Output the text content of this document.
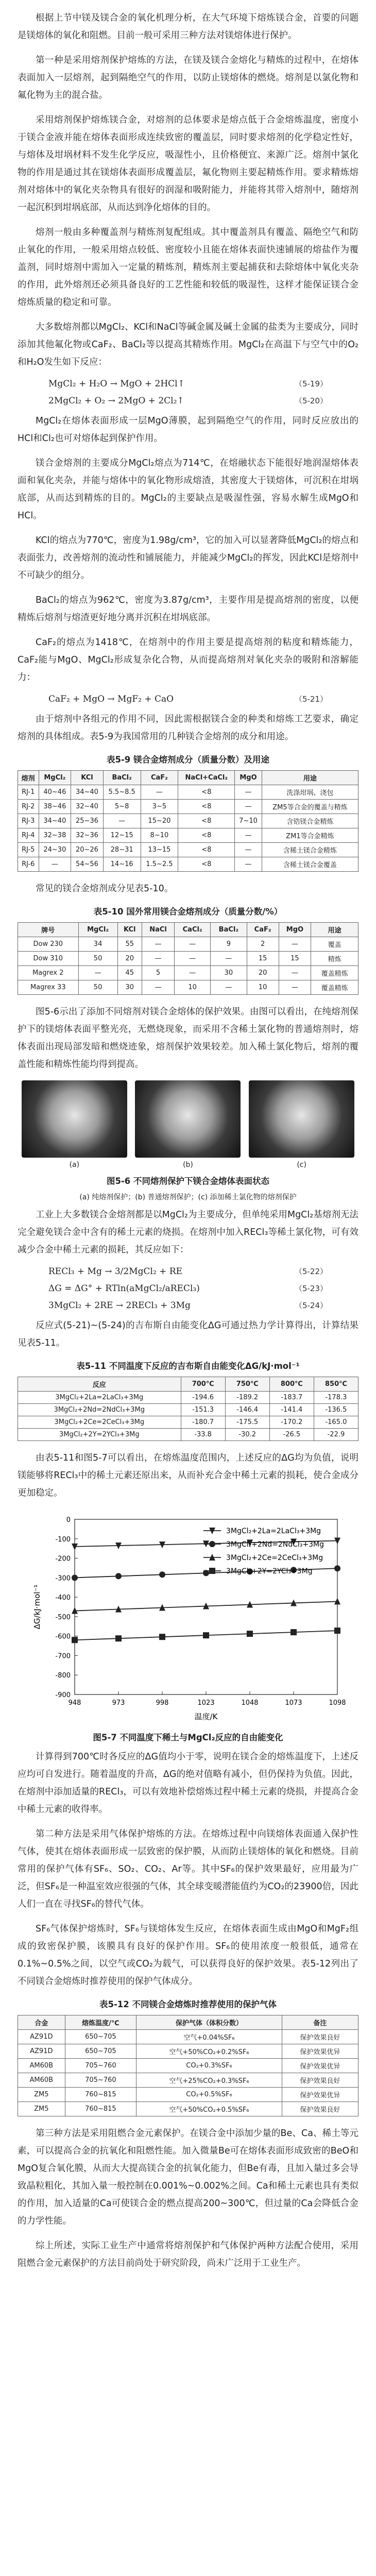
根据上节中镁及镁合金的氧化机理分析，在大气环境下熔炼镁合金，首要的问题是镁熔体的氧化和阻燃。目前一般可采用三种方法对镁熔体进行保护。

第一种是采用熔剂保护熔炼的方法，在镁及镁合金熔化与精炼的过程中，在熔体表面加入一层熔剂，起到隔绝空气的作用，以防止镁熔体的燃烧。熔剂是以氯化物和氟化物为主的混合盐。

采用熔剂保护熔炼镁合金，对熔剂的总体要求是熔点低于合金熔炼温度，密度小于镁合金液并能在熔体表面形成连续致密的覆盖层，同时要求熔剂的化学稳定性好，与熔体及坩埚材料不发生化学反应，吸湿性小，且价格便宜、来源广泛。熔剂中氯化物的作用是通过其在镁熔体表面形成覆盖层，氟化物则主要起精炼作用。要求精炼熔剂对熔体中的氧化夹杂物具有很好的润湿和吸附能力，并能将其带入熔剂中，随熔剂一起沉积到坩埚底部，从而达到净化熔体的目的。

熔剂一般由多种覆盖剂与精炼剂复配组成。其中覆盖剂具有覆盖、隔绝空气和防止氧化的作用，一般采用熔点较低、密度较小且能在熔体表面快速铺展的熔盐作为覆盖剂，同时熔剂中需加入一定量的精炼剂，精炼剂主要起捕获和去除熔体中氧化夹杂的作用，此外熔剂还必须具备良好的工艺性能和较低的吸湿性，这样才能保证镁合金熔炼质量的稳定和可靠。

大多数熔剂都以MgCl₂、KCl和NaCl等碱金属及碱土金属的盐类为主要成分，同时添加其他氟化物或CaF₂、BaCl₂等以提高其精炼作用。MgCl₂在高温下与空气中的O₂和H₂O发生如下反应：

MgCl₂ + H₂O → MgO + 2HCl↑	（5-19）
2MgCl₂ + O₂ → 2MgO + 2Cl₂↑	（5-20）

MgCl₂在熔体表面形成一层MgO薄膜，起到隔绝空气的作用，同时反应放出的HCl和Cl₂也可对熔体起到保护作用。

镁合金熔剂的主要成分MgCl₂熔点为714℃，在熔融状态下能很好地润湿熔体表面和氧化夹杂，并能与熔体中的氧化物形成熔渣，其密度大于镁熔体，可沉积在坩埚底部，从而达到精炼的目的。MgCl₂的主要缺点是吸湿性强，容易水解生成MgO和HCl。

KCl的熔点为770℃，密度为1.98g/cm³，它的加入可以显著降低MgCl₂的熔点和表面张力，改善熔剂的流动性和铺展能力，并能减少MgCl₂的挥发，因此KCl是熔剂中不可缺少的组分。

BaCl₂的熔点为962℃，密度为3.87g/cm³，主要作用是提高熔剂的密度，以便精炼后熔剂与熔渣更好地分离并沉积在坩埚底部。

CaF₂的熔点为1418℃，在熔剂中的作用主要是提高熔剂的粘度和精炼能力，CaF₂能与MgO、MgCl₂形成复杂化合物，从而提高熔剂对氧化夹杂的吸附和溶解能力：

CaF₂ + MgO → MgF₂ + CaO	（5-21）

由于熔剂中各组元的作用不同，因此需根据镁合金的种类和熔炼工艺要求，确定熔剂的具体组成。表5-9为我国常用的几种镁合金熔剂的成分和用途。

表5-9 镁合金熔剂成分（质量分数）及用途
熔剂	MgCl₂	KCl	BaCl₂	CaF₂	NaCl+CaCl₂	MgO	用途
RJ-1	40~46	34~40	5.5~8.5	—	<8	—	洗涤坩埚、浇包
RJ-2	38~46	32~40	5~8	3~5	<8	—	ZM5等合金的覆盖与精炼
RJ-3	34~40	25~36	—	15~20	<8	7~10	含锆镁合金精炼
RJ-4	32~38	32~36	12~15	8~10	<8	—	ZM1等合金精炼
RJ-5	24~30	20~26	28~31	13~15	<8	—	含稀土镁合金精炼
RJ-6	—	54~56	14~16	1.5~2.5	<8	—	含稀土镁合金覆盖

常见的镁合金熔剂成分见表5-10。

表5-10 国外常用镁合金熔剂成分（质量分数/%）
牌号	MgCl₂	KCl	NaCl	CaCl₂	BaCl₂	CaF₂	MgO	用途
Dow 230	34	55	—	—	9	2	—	覆盖
Dow 310	50	20	—	—	—	15	15	精炼
Magrex 2	—	45	5	—	30	20	—	覆盖精炼
Magrex 33	50	30	—	10	—	10	—	覆盖精炼

图5-6示出了添加不同熔剂对镁合金熔体的保护效果。由图可以看出，在纯熔剂保护下的镁熔体表面平整光亮，无燃烧现象，而采用不含稀土氯化物的普通熔剂时，熔体表面出现局部发暗和燃烧迹象，熔剂保护效果较差。加入稀土氯化物后，熔剂的覆盖性能和精炼性能均得到提高。

(a)	(b)	(c)
图5-6 不同熔剂保护下镁合金熔体表面状态
(a) 纯熔剂保护；(b) 普通熔剂保护；(c) 添加稀土氯化物的熔剂保护

工业上大多数镁合金熔剂都是以MgCl₂为主要成分，但单纯采用MgCl₂基熔剂无法完全避免镁合金中含有的稀土元素的烧损。在熔剂中加入RECl₃等稀土氯化物，可有效减少合金中稀土元素的损耗，其反应如下：

RECl₃ + Mg → 3/2MgCl₂ + RE	（5-22）
ΔG = ΔG° + RTln(aMgCl₂/aRECl₃)	（5-23）
3MgCl₂ + 2RE → 2RECl₃ + 3Mg	（5-24）

反应式(5-21)~(5-24)的吉布斯自由能变化ΔG可通过热力学计算得出，计算结果见表5-11。

表5-11 不同温度下反应的吉布斯自由能变化ΔG/kJ·mol⁻¹
反应	700℃	750℃	800℃	850℃
3MgCl₂+2La=2LaCl₃+3Mg	-194.6	-189.2	-183.7	-178.3
3MgCl₂+2Nd=2NdCl₃+3Mg	-151.3	-146.4	-141.4	-136.5
3MgCl₂+2Ce=2CeCl₃+3Mg	-180.7	-175.5	-170.2	-165.0
3MgCl₂+2Y=2YCl₃+3Mg	-33.8	-30.2	-26.5	-22.9

由表5-11和图5-7可以看出，在熔炼温度范围内，上述反应的ΔG均为负值，说明镁能够将RECl₃中的稀土元素还原出来，从而补充合金中稀土元素的损耗，使合金成分更加稳定。

0
-100
-200
-300
-400
-500
-600
-700
-800
-900
948	973	998	1023	1048	1073	1098
温度/K
ΔG/kJ·mol⁻¹
3MgCl₂+2La=2LaCl₃+3Mg
3MgCl₂+2Nd=2NdCl₃+3Mg
3MgCl₂+2Ce=2CeCl₃+3Mg
3MgCl₂+2Y=2YCl₃+3Mg
图5-7 不同温度下稀土与MgCl₂反应的自由能变化

计算得到700℃时各反应的ΔG值均小于零，说明在镁合金的熔炼温度下，上述反应均可自发进行。随着温度的升高，ΔG的绝对值略有减小，但仍保持为负值。因此，在熔剂中添加适量的RECl₃，可以有效地补偿熔炼过程中稀土元素的烧损，并提高合金中稀土元素的收得率。

第二种方法是采用气体保护熔炼的方法。在熔炼过程中向镁熔体表面通入保护性气体，使其在熔体表面形成一层致密的保护膜，从而防止镁熔体的氧化和燃烧。目前常用的保护气体有SF₆、SO₂、CO₂、Ar等。其中SF₆的保护效果最好，应用最为广泛，但SF₆是一种温室效应很强的气体，其全球变暖潜能值约为CO₂的23900倍，因此人们一直在寻找SF₆的替代气体。

SF₆气体保护熔炼时，SF₆与镁熔体发生反应，在熔体表面生成由MgO和MgF₂组成的致密保护膜，该膜具有良好的保护作用。SF₆的使用浓度一般很低，通常在0.1%~0.5%之间，以空气或CO₂为载气，可以获得良好的保护效果。表5-12列出了不同镁合金熔炼时推荐使用的保护气体成分。

表5-12 不同镁合金熔炼时推荐使用的保护气体
合金	熔炼温度/℃	保护气体（体积分数）	备注
AZ91D	650~705	空气+0.04%SF₆	保护效果良好
AZ91D	650~705	空气+50%CO₂+0.2%SF₆	保护效果优异
AM60B	705~760	CO₂+0.3%SF₆	保护效果优异
AM60B	705~760	空气+25%CO₂+0.3%SF₆	保护效果良好
ZM5	760~815	CO₂+0.5%SF₆	保护效果优异
ZM5	760~815	空气+50%CO₂+0.5%SF₆	保护效果良好

第三种方法是采用阻燃合金元素保护。在镁合金中添加少量的Be、Ca、稀土等元素，可以提高合金的抗氧化和阻燃性能。加入微量Be可在熔体表面形成致密的BeO和MgO复合氧化膜，从而大大提高镁合金的抗氧化能力，但Be有毒，且加入量过多会导致晶粒粗化，其加入量一般控制在0.001%~0.002%之间。Ca和稀土元素也具有类似的作用，加入适量的Ca可使镁合金的燃点提高200~300℃，但过量的Ca会降低合金的力学性能。

综上所述，实际工业生产中通常将熔剂保护和气体保护两种方法配合使用，采用阻燃合金元素保护的方法目前尚处于研究阶段，尚未广泛用于工业生产。
